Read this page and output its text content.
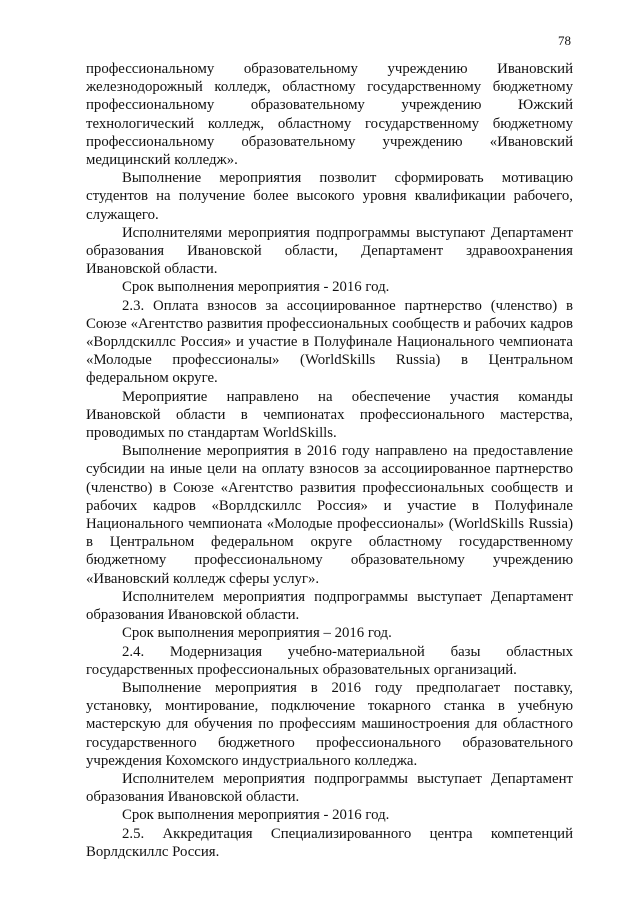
78

профессиональному образовательному учреждению Ивановский железнодорожный колледж, областному государственному бюджетному профессиональному образовательному учреждению Южский технологический колледж, областному государственному бюджетному профессиональному образовательному учреждению «Ивановский медицинский колледж».

Выполнение мероприятия позволит сформировать мотивацию студентов на получение более высокого уровня квалификации рабочего, служащего.

Исполнителями мероприятия подпрограммы выступают Департамент образования Ивановской области, Департамент здравоохранения Ивановской области.

Срок выполнения мероприятия - 2016 год.

2.3. Оплата взносов за ассоциированное партнерство (членство) в Союзе «Агентство развития профессиональных сообществ и рабочих кадров «Ворлдскиллс Россия» и участие в Полуфинале Национального чемпионата «Молодые профессионалы» (WorldSkills Russia) в Центральном федеральном округе.

Мероприятие направлено на обеспечение участия команды Ивановской области в чемпионатах профессионального мастерства, проводимых по стандартам WorldSkills.

Выполнение мероприятия в 2016 году направлено на предоставление субсидии на иные цели на оплату взносов за ассоциированное партнерство (членство) в Союзе «Агентство развития профессиональных сообществ и рабочих кадров «Ворлдскиллс Россия» и участие в Полуфинале Национального чемпионата «Молодые профессионалы» (WorldSkills Russia) в Центральном федеральном округе областному государственному бюджетному профессиональному образовательному учреждению «Ивановский колледж сферы услуг».

Исполнителем мероприятия подпрограммы выступает Департамент образования Ивановской области.

Срок выполнения мероприятия – 2016 год.

2.4. Модернизация учебно-материальной базы областных государственных профессиональных образовательных организаций.

Выполнение мероприятия в 2016 году предполагает поставку, установку, монтирование, подключение токарного станка в учебную мастерскую для обучения по профессиям машиностроения для областного государственного бюджетного профессионального образовательного учреждения Кохомского индустриального колледжа.

Исполнителем мероприятия подпрограммы выступает Департамент образования Ивановской области.

Срок выполнения мероприятия - 2016 год.

2.5. Аккредитация Специализированного центра компетенций Ворлдскиллс Россия.
